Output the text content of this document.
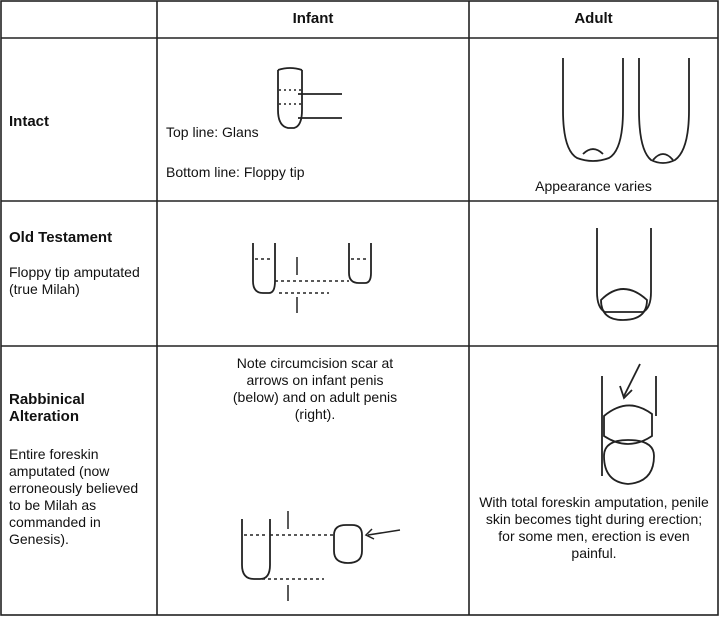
Infant	Adult
Intact
Top line: Glans
Bottom line: Floppy tip
Appearance varies
Old Testament
Floppy tip amputated (true Milah)
Rabbinical Alteration
Entire foreskin amputated (now erroneously believed to be Milah as commanded in Genesis).
Note circumcision scar at arrows on infant penis (below) and on adult penis (right).
With total foreskin amputation, penile skin becomes tight during erection; for some men, erection is even painful.
